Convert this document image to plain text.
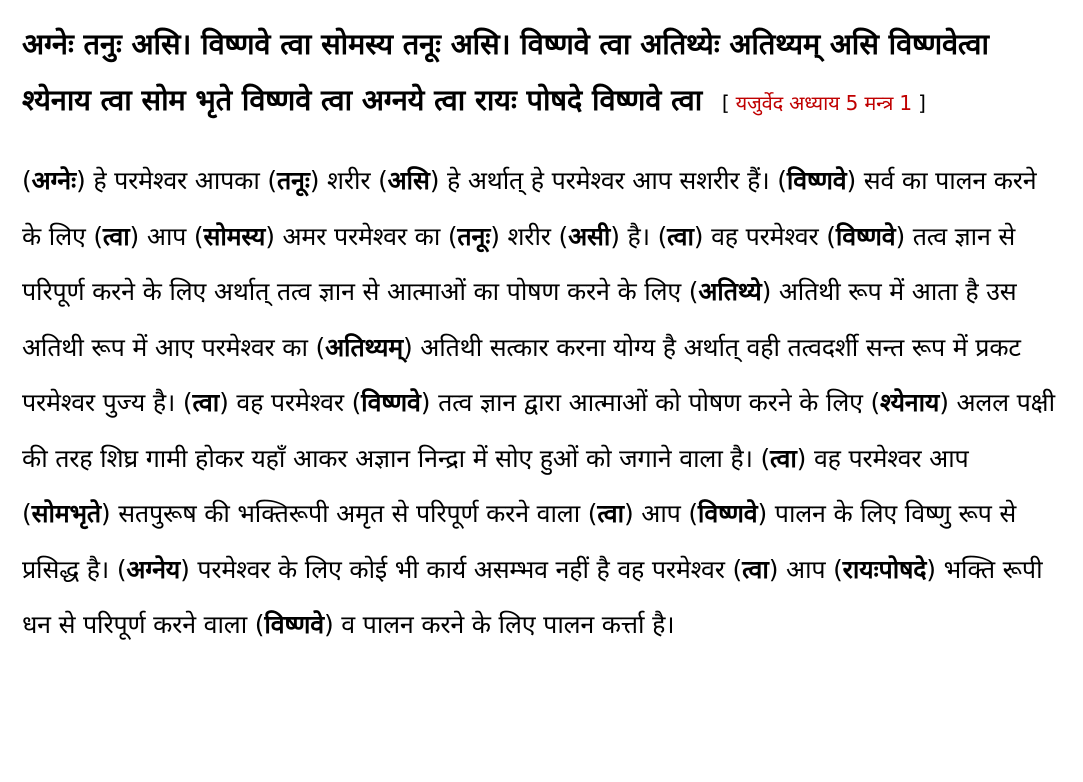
अग्नेः तनुः असि। विष्णवे त्वा सोमस्य तनूः असि। विष्णवे त्वा अतिथ्येः अतिथ्यम् असि विष्णवेत्वा श्येनाय त्वा सोम भृते विष्णवे त्वा अग्नये त्वा रायः पोषदे विष्णवे त्वा [ यजुर्वेद अध्याय 5 मन्त्र 1 ]

(अग्नेः) हे परमेश्वर आपका (तनूः) शरीर (असि) हे अर्थात् हे परमेश्वर आप सशरीर हैं। (विष्णवे) सर्व का पालन करने के लिए (त्वा) आप (सोमस्य) अमर परमेश्वर का (तनूः) शरीर (असी) है। (त्वा) वह परमेश्वर (विष्णवे) तत्व ज्ञान से परिपूर्ण करने के लिए अर्थात् तत्व ज्ञान से आत्माओं का पोषण करने के लिए (अतिथ्ये) अतिथी रूप में आता है उस अतिथी रूप में आए परमेश्वर का (अतिथ्यम्) अतिथी सत्कार करना योग्य है अर्थात् वही तत्वदर्शी सन्त रूप में प्रकट परमेश्वर पुज्य है। (त्वा) वह परमेश्वर (विष्णवे) तत्व ज्ञान द्वारा आत्माओं को पोषण करने के लिए (श्येनाय) अलल पक्षी की तरह शिघ्र गामी होकर यहाँ आकर अज्ञान निन्द्रा में सोए हुओं को जगाने वाला है। (त्वा) वह परमेश्वर आप (सोमभृते) सतपुरूष की भक्तिरूपी अमृत से परिपूर्ण करने वाला (त्वा) आप (विष्णवे) पालन के लिए विष्णु रूप से प्रसिद्ध है। (अग्नेय) परमेश्वर के लिए कोई भी कार्य असम्भव नहीं है वह परमेश्वर (त्वा) आप (रायःपोषदे) भक्ति रूपी धन से परिपूर्ण करने वाला (विष्णवे) व पालन करने के लिए पालन कर्त्ता है।
